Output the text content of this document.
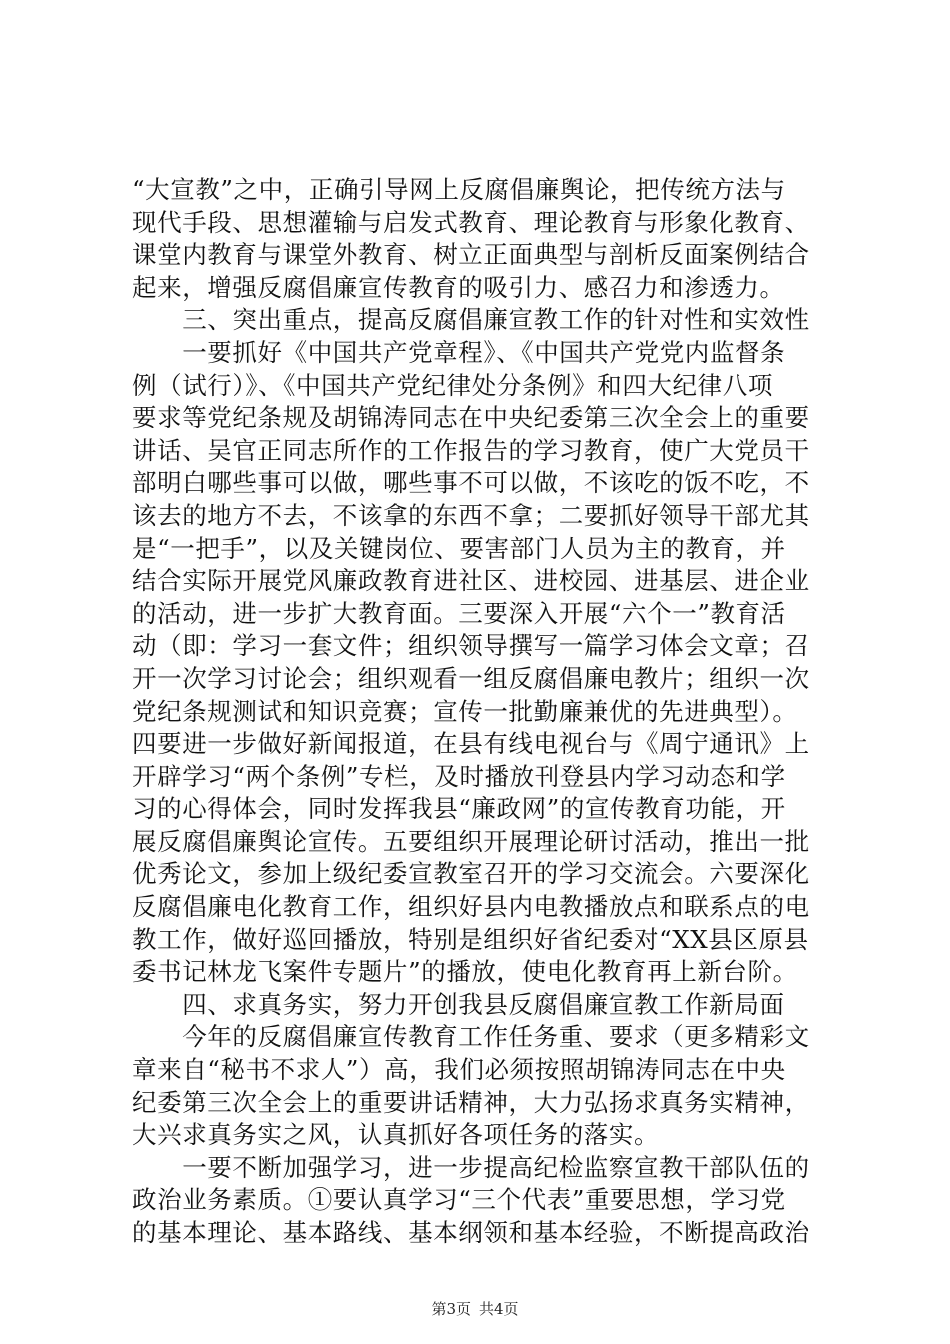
“大宣教”之中，正确引导网上反腐倡廉舆论，把传统方法与
现代手段、思想灌输与启发式教育、理论教育与形象化教育、
课堂内教育与课堂外教育、树立正面典型与剖析反面案例结合
起来，增强反腐倡廉宣传教育的吸引力、感召力和渗透力。
　　三、突出重点，提高反腐倡廉宣教工作的针对性和实效性
　　一要抓好《中国共产党章程》、《中国共产党党内监督条
例（试行）》、《中国共产党纪律处分条例》和四大纪律八项
要求等党纪条规及胡锦涛同志在中央纪委第三次全会上的重要
讲话、吴官正同志所作的工作报告的学习教育，使广大党员干
部明白哪些事可以做，哪些事不可以做，不该吃的饭不吃，不
该去的地方不去，不该拿的东西不拿；二要抓好领导干部尤其
是“一把手”，以及关键岗位、要害部门人员为主的教育，并
结合实际开展党风廉政教育进社区、进校园、进基层、进企业
的活动，进一步扩大教育面。三要深入开展“六个一”教育活
动（即：学习一套文件；组织领导撰写一篇学习体会文章；召
开一次学习讨论会；组织观看一组反腐倡廉电教片；组织一次
党纪条规测试和知识竞赛；宣传一批勤廉兼优的先进典型）。
四要进一步做好新闻报道，在县有线电视台与《周宁通讯》上
开辟学习“两个条例”专栏，及时播放刊登县内学习动态和学
习的心得体会，同时发挥我县“廉政网”的宣传教育功能，开
展反腐倡廉舆论宣传。五要组织开展理论研讨活动，推出一批
优秀论文，参加上级纪委宣教室召开的学习交流会。六要深化
反腐倡廉电化教育工作，组织好县内电教播放点和联系点的电
教工作，做好巡回播放，特别是组织好省纪委对“XX县区原县
委书记林龙飞案件专题片”的播放，使电化教育再上新台阶。
　　四、求真务实，努力开创我县反腐倡廉宣教工作新局面
　　今年的反腐倡廉宣传教育工作任务重、要求（更多精彩文
章来自“秘书不求人”）高，我们必须按照胡锦涛同志在中央
纪委第三次全会上的重要讲话精神，大力弘扬求真务实精神，
大兴求真务实之风，认真抓好各项任务的落实。
　　一要不断加强学习，进一步提高纪检监察宣教干部队伍的
政治业务素质。①要认真学习“三个代表”重要思想，学习党
的基本理论、基本路线、基本纲领和基本经验，不断提高政治
第3页 共4页
